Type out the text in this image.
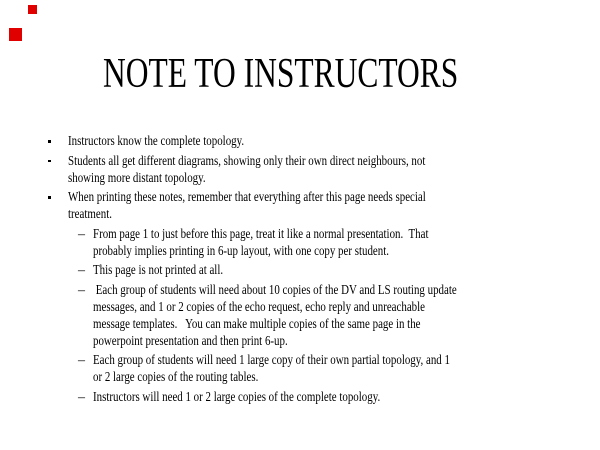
NOTE TO INSTRUCTORS
Instructors know the complete topology.
Students all get different diagrams, showing only their own direct neighbours, not
showing more distant topology.
When printing these notes, remember that everything after this page needs special
treatment.
– From page 1 to just before this page, treat it like a normal presentation.  That
probably implies printing in 6-up layout, with one copy per student.
– This page is not printed at all.
– Each group of students will need about 10 copies of the DV and LS routing update
messages, and 1 or 2 copies of the echo request, echo reply and unreachable
message templates.   You can make multiple copies of the same page in the
powerpoint presentation and then print 6-up.
– Each group of students will need 1 large copy of their own partial topology, and 1
or 2 large copies of the routing tables.
– Instructors will need 1 or 2 large copies of the complete topology.
